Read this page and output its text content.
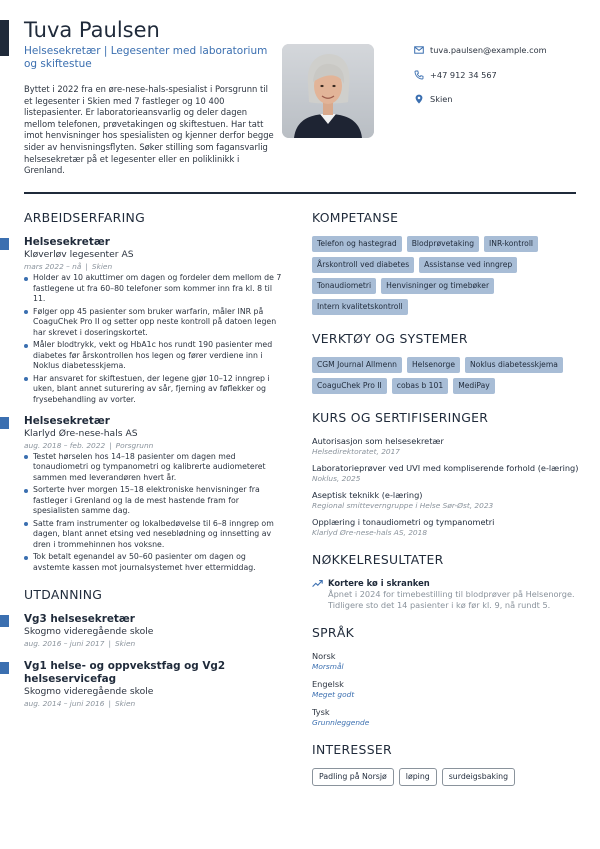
Tuva Paulsen
Helsesekretær | Legesenter med laboratorium og skiftestue
Byttet i 2022 fra en øre-nese-hals-spesialist i Porsgrunn til et legesenter i Skien med 7 fastleger og 10 400 listepasienter. Er laboratorieansvarlig og deler dagen mellom telefonen, prøvetakingen og skiftestuen. Har tatt imot henvisninger hos spesialisten og kjenner derfor begge sider av henvisningsflyten. Søker stilling som fagansvarlig helsesekretær på et legesenter eller en poliklinikk i Grenland.
tuva.paulsen@example.com
+47 912 34 567
Skien
ARBEIDSERFARING
Helsesekretær
Kløverløv legesenter AS
mars 2022 – nå | Skien
Holder av 10 akuttimer om dagen og fordeler dem mellom de 7 fastlegene ut fra 60–80 telefoner som kommer inn fra kl. 8 til 11.
Følger opp 45 pasienter som bruker warfarin, måler INR på CoaguChek Pro II og setter opp neste kontroll på datoen legen har skrevet i doseringskortet.
Måler blodtrykk, vekt og HbA1c hos rundt 190 pasienter med diabetes før årskontrollen hos legen og fører verdiene inn i Noklus diabetesskjema.
Har ansvaret for skiftestuen, der legene gjør 10–12 inngrep i uken, blant annet suturering av sår, fjerning av føflekker og frysebehandling av vorter.
Helsesekretær
Klarlyd Øre-nese-hals AS
aug. 2018 – feb. 2022 | Porsgrunn
Testet hørselen hos 14–18 pasienter om dagen med tonaudiometri og tympanometri og kalibrerte audiometeret sammen med leverandøren hvert år.
Sorterte hver morgen 15–18 elektroniske henvisninger fra fastleger i Grenland og la de mest hastende fram for spesialisten samme dag.
Satte fram instrumenter og lokalbedøvelse til 6–8 inngrep om dagen, blant annet etsing ved neseblødning og innsetting av dren i trommehinnen hos voksne.
Tok betalt egenandel av 50–60 pasienter om dagen og avstemte kassen mot journalsystemet hver ettermiddag.
UTDANNING
Vg3 helsesekretær
Skogmo videregående skole
aug. 2016 – juni 2017 | Skien
Vg1 helse- og oppvekstfag og Vg2 helseservicefag
Skogmo videregående skole
aug. 2014 – juni 2016 | Skien
KOMPETANSE
Telefon og hastegrad	Blodprøvetaking	INR-kontroll
Årskontroll ved diabetes	Assistanse ved inngrep
Tonaudiometri	Henvisninger og timebøker
Intern kvalitetskontroll
VERKTØY OG SYSTEMER
CGM Journal Allmenn	Helsenorge	Noklus diabetesskjema
CoaguChek Pro II	cobas b 101	MediPay
KURS OG SERTIFISERINGER
Autorisasjon som helsesekretær
Helsedirektoratet, 2017
Laboratorieprøver ved UVI med kompliserende forhold (e-læring)
Noklus, 2025
Aseptisk teknikk (e-læring)
Regional smitteverngruppe i Helse Sør-Øst, 2023
Opplæring i tonaudiometri og tympanometri
Klarlyd Øre-nese-hals AS, 2018
NØKKELRESULTATER
Kortere kø i skranken
Åpnet i 2024 for timebestilling til blodprøver på Helsenorge. Tidligere sto det 14 pasienter i kø før kl. 9, nå rundt 5.
SPRÅK
Norsk
Morsmål
Engelsk
Meget godt
Tysk
Grunnleggende
INTERESSER
Padling på Norsjø	løping	surdeigsbaking
